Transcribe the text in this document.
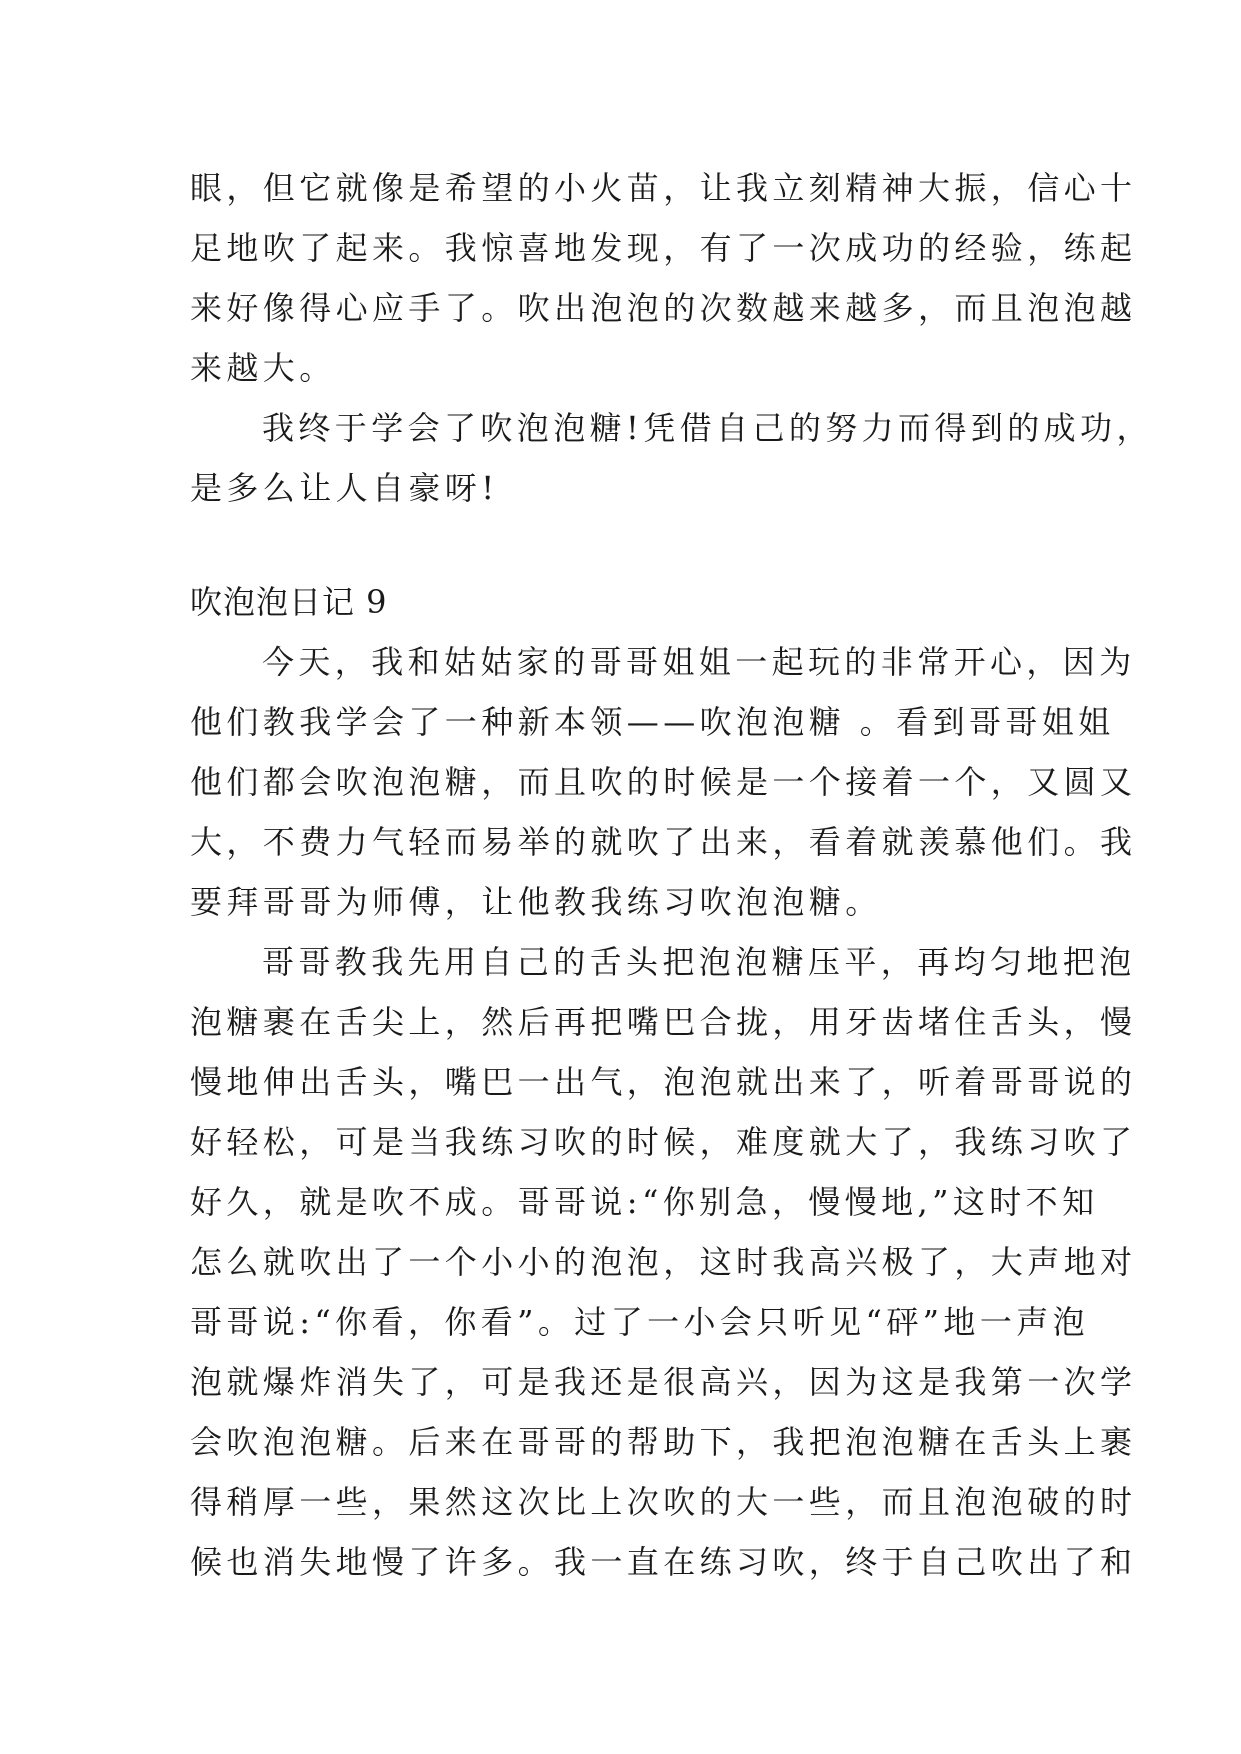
眼，但它就像是希望的小火苗，让我立刻精神大振，信心十
足地吹了起来。我惊喜地发现，有了一次成功的经验，练起
来好像得心应手了。吹出泡泡的次数越来越多，而且泡泡越
来越大。
我终于学会了吹泡泡糖!凭借自己的努力而得到的成功，
是多么让人自豪呀!
吹泡泡日记 9
今天，我和姑姑家的哥哥姐姐一起玩的非常开心，因为
他们教我学会了一种新本领——吹泡泡糖 。看到哥哥姐姐
他们都会吹泡泡糖，而且吹的时候是一个接着一个，又圆又
大，不费力气轻而易举的就吹了出来，看着就羡慕他们。我
要拜哥哥为师傅，让他教我练习吹泡泡糖。
哥哥教我先用自己的舌头把泡泡糖压平，再均匀地把泡
泡糖裹在舌尖上，然后再把嘴巴合拢，用牙齿堵住舌头，慢
慢地伸出舌头，嘴巴一出气，泡泡就出来了，听着哥哥说的
好轻松，可是当我练习吹的时候，难度就大了，我练习吹了
好久，就是吹不成。哥哥说:“你别急，慢慢地,”这时不知
怎么就吹出了一个小小的泡泡，这时我高兴极了，大声地对
哥哥说:“你看，你看”。过了一小会只听见“砰”地一声泡
泡就爆炸消失了，可是我还是很高兴，因为这是我第一次学
会吹泡泡糖。后来在哥哥的帮助下，我把泡泡糖在舌头上裹
得稍厚一些，果然这次比上次吹的大一些，而且泡泡破的时
候也消失地慢了许多。我一直在练习吹，终于自己吹出了和
